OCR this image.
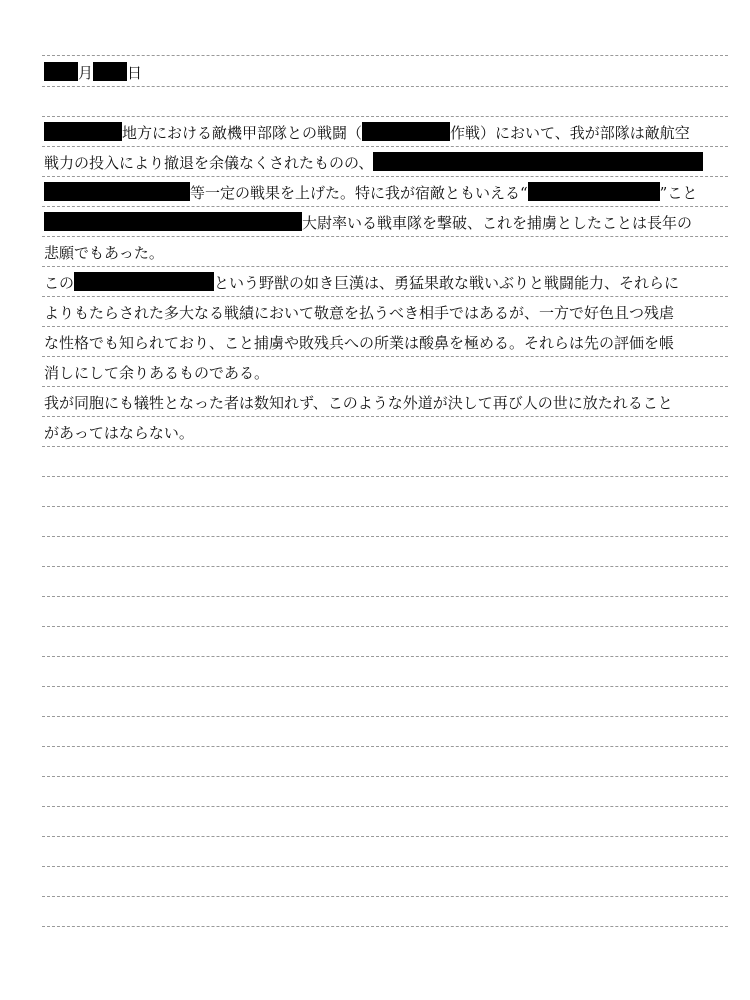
月 日
地方における敵機甲部隊との戦闘（	作戦）において、我が部隊は敵航空
戦力の投入により撤退を余儀なくされたものの、
等一定の戦果を上げた。特に我が宿敵ともいえる“	”こと
大尉率いる戦車隊を撃破、これを捕虜としたことは長年の
悲願でもあった。
この	という野獣の如き巨漢は、勇猛果敢な戦いぶりと戦闘能力、それらに
よりもたらされた多大なる戦績において敬意を払うべき相手ではあるが、一方で好色且つ残虐
な性格でも知られており、こと捕虜や敗残兵への所業は酸鼻を極める。それらは先の評価を帳
消しにして余りあるものである。
我が同胞にも犠牲となった者は数知れず、このような外道が決して再び人の世に放たれること
があってはならない。
